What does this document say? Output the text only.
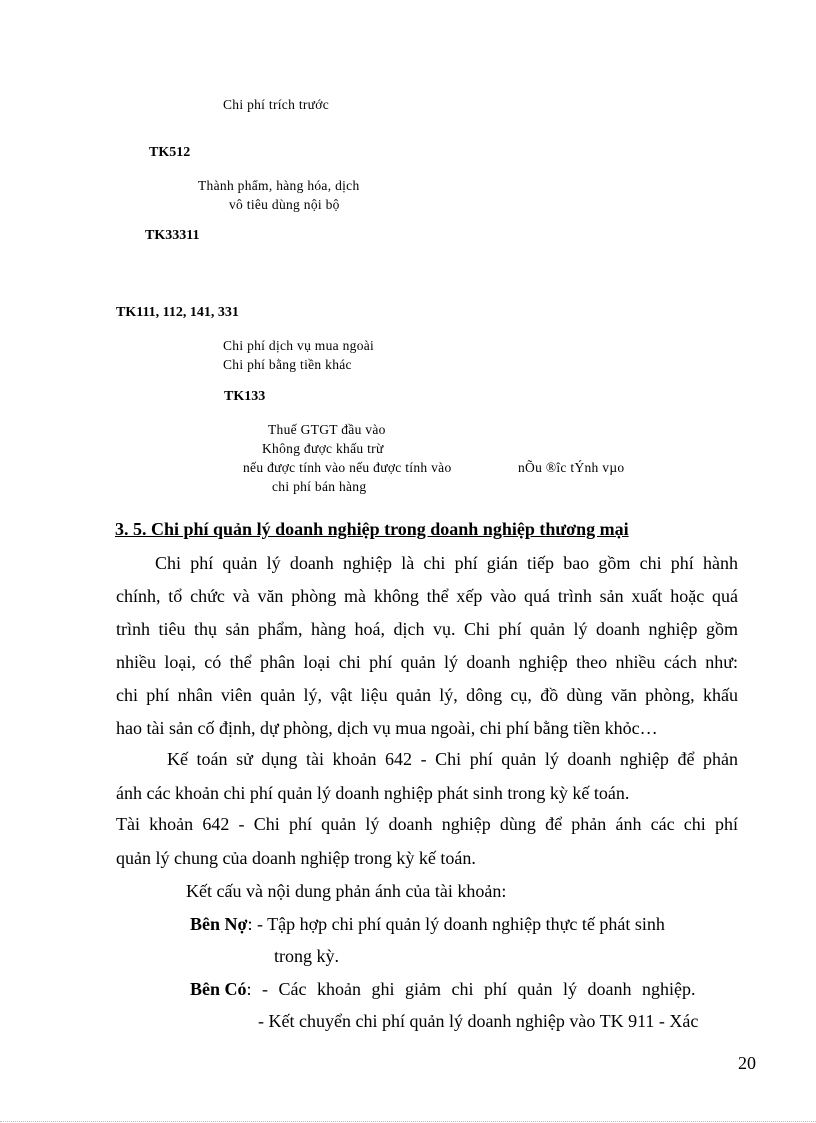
Chi phí trích trước
TK512
Thành phẩm, hàng hóa, dịch
vô tiêu dùng nội bộ
TK33311
TK111, 112, 141, 331
Chi phí dịch vụ mua ngoài
Chi phí bằng tiền khác
TK133
Thuế GTGT đầu vào
Không được khấu trừ
nếu được tính vào nếu được tính vào	nÕu ®îc tÝnh vµo
chi phí bán hàng
3. 5. Chi phí quản lý doanh nghiệp trong doanh nghiệp thương mại
Chi phí quản lý doanh nghiệp là chi phí gián tiếp bao gồm chi phí hành
chính, tổ chức và văn phòng mà không thể xếp vào quá trình sản xuất hoặc quá
trình tiêu thụ sản phẩm, hàng hoá, dịch vụ. Chi phí quản lý doanh nghiệp gồm
nhiều loại, có thể phân loại chi phí quản lý doanh nghiệp theo nhiều cách như:
chi phí nhân viên quản lý, vật liệu quản lý, dông cụ, đồ dùng văn phòng, khấu
hao tài sản cố định, dự phòng, dịch vụ mua ngoài, chi phí bằng tiền khỏc…
Kế toán sử dụng tài khoản 642 - Chi phí quản lý doanh nghiệp để phản
ánh các khoản chi phí quản lý doanh nghiệp phát sinh trong kỳ kế toán.
Tài khoản 642 - Chi phí quản lý doanh nghiệp dùng để phản ánh các chi phí
quản lý chung của doanh nghiệp trong kỳ kế toán.
Kết cấu và nội dung phản ánh của tài khoản:
Bên Nợ: - Tập hợp chi phí quản lý doanh nghiệp thực tế phát sinh
trong kỳ.
Bên Có: - Các khoản ghi giảm chi phí quản lý doanh nghiệp.
- Kết chuyển chi phí quản lý doanh nghiệp vào TK 911 - Xác
20
